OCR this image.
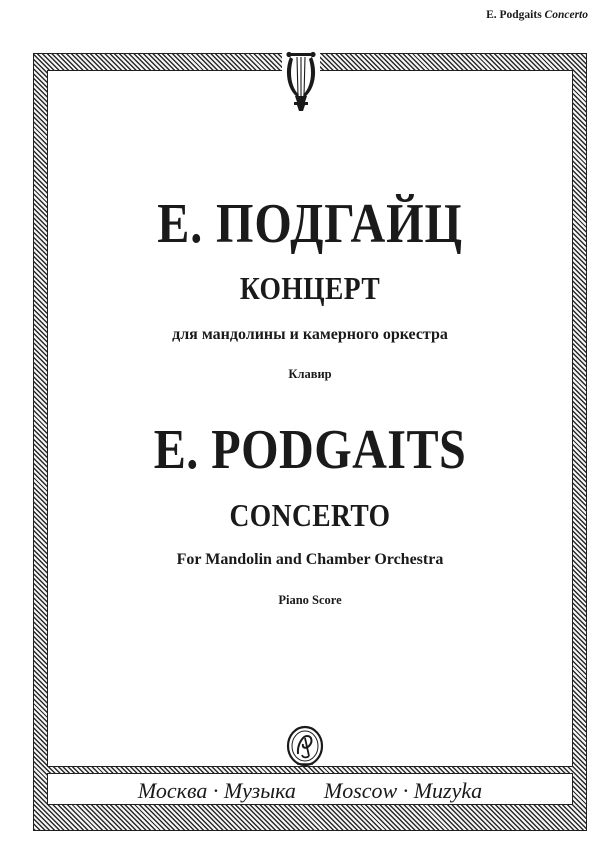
E. Podgaits Concerto
Е. ПОДГАЙЦ
КОНЦЕРТ
для мандолины и камерного оркестра
Клавир
E. PODGAITS
CONCERTO
For Mandolin and Chamber Orchestra
Piano Score
Москва · Музыка Moscow · Muzyka
